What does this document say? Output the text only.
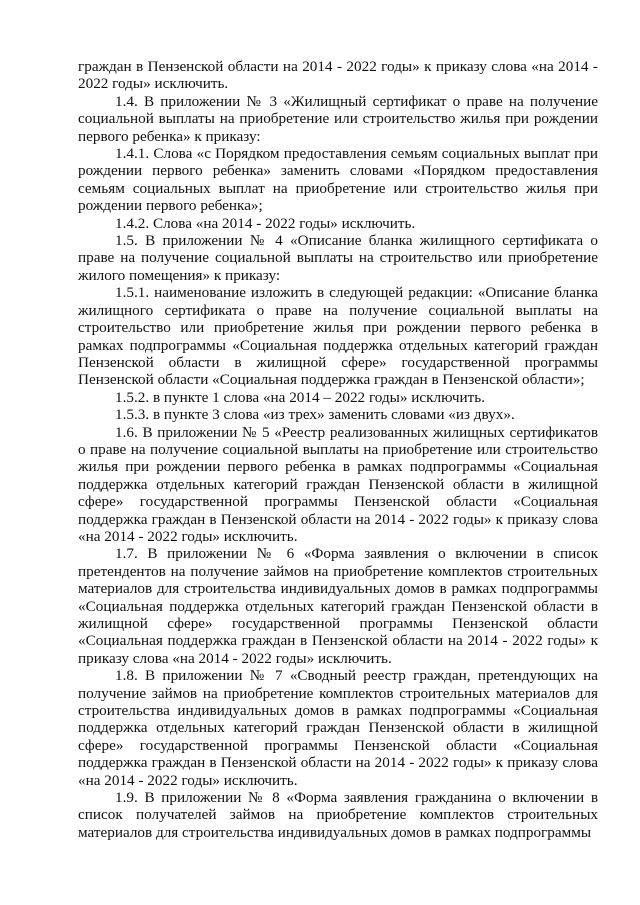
граждан в Пензенской области на 2014 - 2022 годы» к приказу слова «на 2014 - 2022 годы» исключить.

1.4. В приложении № 3 «Жилищный сертификат о праве на получение социальной выплаты на приобретение или строительство жилья при рождении первого ребенка» к приказу:

1.4.1. Слова «с Порядком предоставления семьям социальных выплат при рождении первого ребенка» заменить словами «Порядком предоставления семьям социальных выплат на приобретение или строительство жилья при рождении первого ребенка»;

1.4.2. Слова «на 2014 - 2022 годы» исключить.

1.5. В приложении № 4 «Описание бланка жилищного сертификата о праве на получение социальной выплаты на строительство или приобретение жилого помещения» к приказу:

1.5.1. наименование изложить в следующей редакции: «Описание бланка жилищного сертификата о праве на получение социальной выплаты на строительство или приобретение жилья при рождении первого ребенка в рамках подпрограммы «Социальная поддержка отдельных категорий граждан Пензенской области в жилищной сфере» государственной программы Пензенской области «Социальная поддержка граждан в Пензенской области»;

1.5.2. в пункте 1 слова «на 2014 – 2022 годы» исключить.

1.5.3. в пункте 3 слова «из трех» заменить словами «из двух».

1.6. В приложении № 5 «Реестр реализованных жилищных сертификатов о праве на получение социальной выплаты на приобретение или строительство жилья при рождении первого ребенка в рамках подпрограммы «Социальная поддержка отдельных категорий граждан Пензенской области в жилищной сфере» государственной программы Пензенской области «Социальная поддержка граждан в Пензенской области на 2014 - 2022 годы» к приказу слова «на 2014 - 2022 годы» исключить.

1.7. В приложении № 6 «Форма заявления о включении в список претендентов на получение займов на приобретение комплектов строительных материалов для строительства индивидуальных домов в рамках подпрограммы «Социальная поддержка отдельных категорий граждан Пензенской области в жилищной сфере» государственной программы Пензенской области «Социальная поддержка граждан в Пензенской области на 2014 - 2022 годы» к приказу слова «на 2014 - 2022 годы» исключить.

1.8. В приложении № 7 «Сводный реестр граждан, претендующих на получение займов на приобретение комплектов строительных материалов для строительства индивидуальных домов в рамках подпрограммы «Социальная поддержка отдельных категорий граждан Пензенской области в жилищной сфере» государственной программы Пензенской области «Социальная поддержка граждан в Пензенской области на 2014 - 2022 годы» к приказу слова «на 2014 - 2022 годы» исключить.

1.9. В приложении № 8 «Форма заявления гражданина о включении в список получателей займов на приобретение комплектов строительных материалов для строительства индивидуальных домов в рамках подпрограммы
